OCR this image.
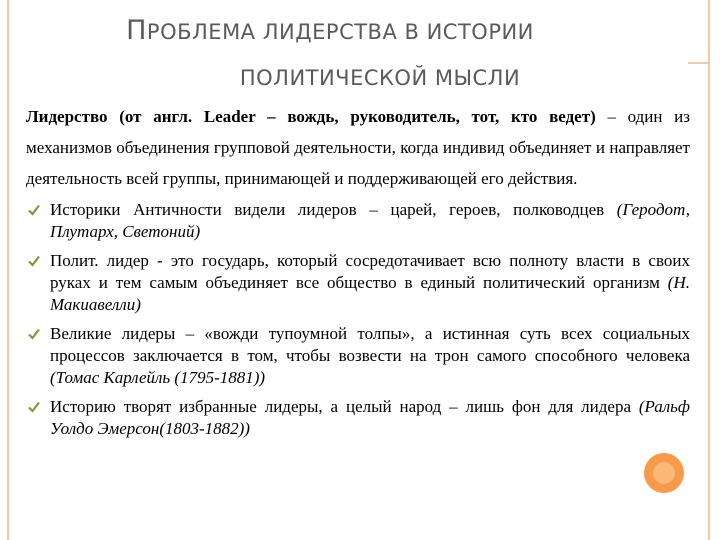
ПРОБЛЕМА ЛИДЕРСТВА В ИСТОРИИ
ПОЛИТИЧЕСКОЙ МЫСЛИ
Лидерство (от англ. Leader – вождь, руководитель, тот, кто ведет) – один из механизмов объединения групповой деятельности, когда индивид объединяет и направляет деятельность всей группы, принимающей и поддерживающей его действия.
Историки Античности видели лидеров – царей, героев, полководцев (Геродот, Плутарх, Светоний)
Полит. лидер - это государь, который сосредотачивает всю полноту власти в своих руках и тем самым объединяет все общество в единый политический организм (Н. Макиавелли)
Великие лидеры – «вожди тупоумной толпы», а истинная суть всех социальных процессов заключается в том, чтобы возвести на трон самого способного человека (Томас Карлейль (1795-1881))
Историю творят избранные лидеры, а целый народ – лишь фон для лидера (Ральф Уолдо Эмерсон(1803-1882))
